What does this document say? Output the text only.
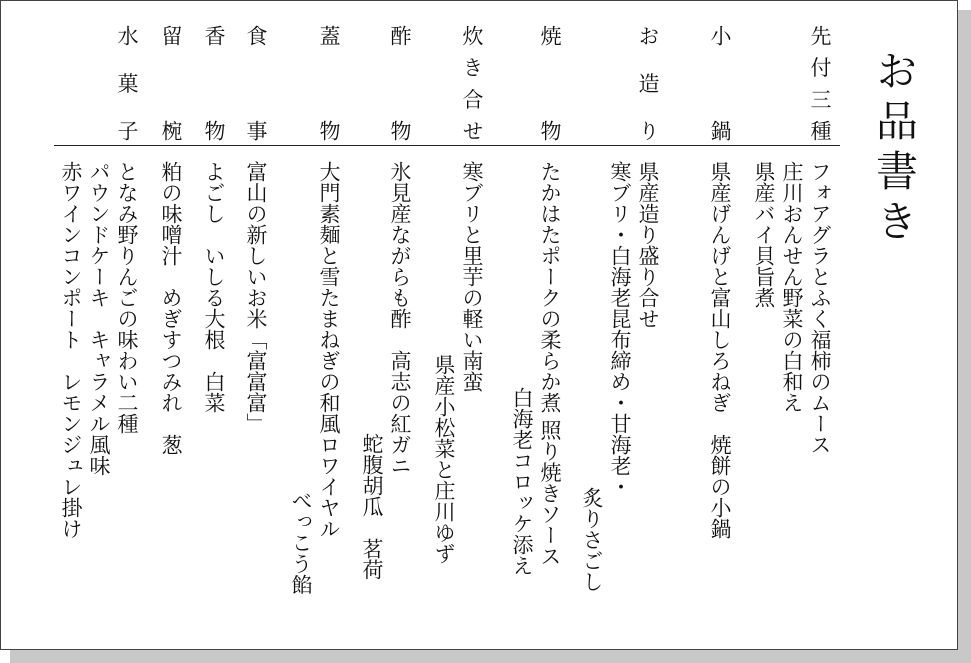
お品書き
先付三種
小鍋
お造り
焼物
炊き合せ
酢物
蓋物
食事
香物
留椀
水菓子
フォアグラとふく福柿のムース
庄川おんせん野菜の白和え
県産バイ貝旨煮
県産げんげと富山しろねぎ　焼餅の小鍋
県産造り盛り合せ
寒ブリ・白海老昆布締め・甘海老・
炙りさごし
たかはたポークの柔らか煮 照り焼きソース
白海老コロッケ添え
寒ブリと里芋の軽い南蛮
県産小松菜と庄川ゆず
氷見産ながらも酢　高志の紅ガニ
蛇腹胡瓜　茗荷
大門素麺と雪たまねぎの和風ロワイヤル
べっこう餡
富山の新しいお米「富富富」
よごし　いしる大根　白菜
粕の味噌汁　めぎすつみれ　葱
となみ野りんごの味わい二種
パウンドケーキ　キャラメル風味
赤ワインコンポート　レモンジュレ掛け
